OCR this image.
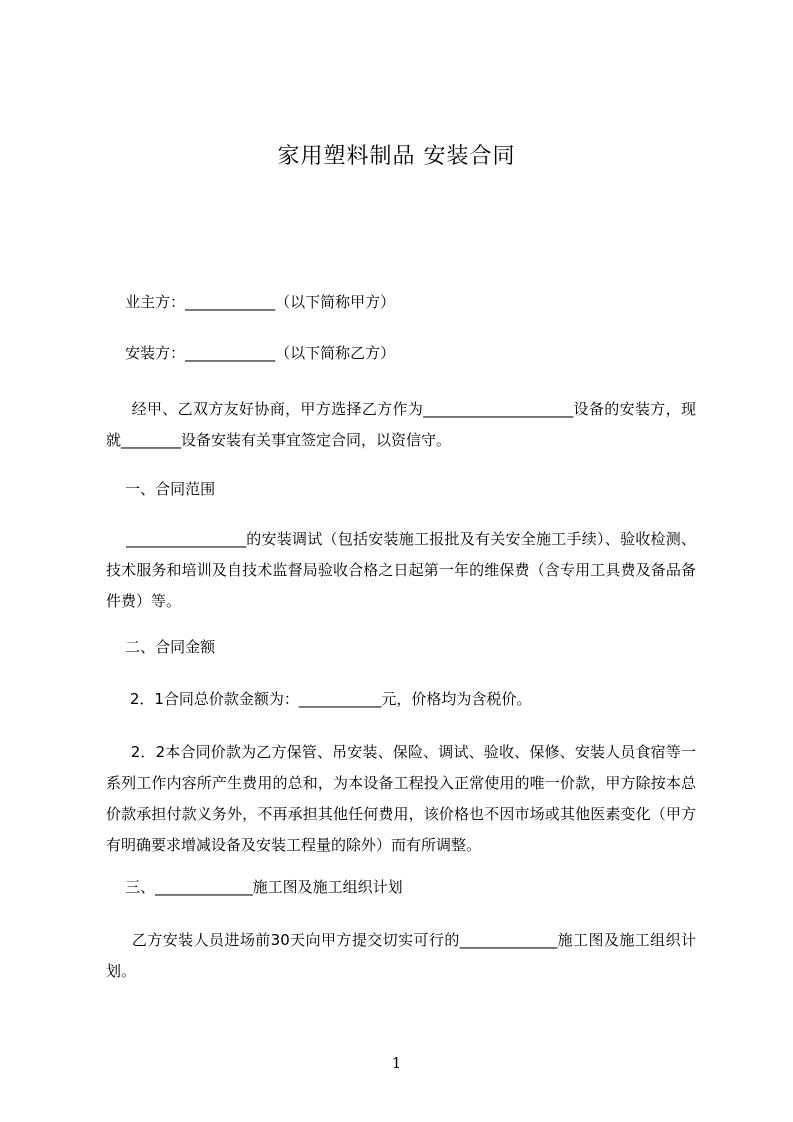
家用塑料制品 安装合同
业主方：____________（以下简称甲方）
安装方：____________（以下简称乙方）
经甲、乙双方友好协商，甲方选择乙方作为____________________设备的安装方，现就________设备安装有关事宜签定合同，以资信守。
一、合同范围
________________的安装调试（包括安装施工报批及有关安全施工手续）、验收检测、技术服务和培训及自技术监督局验收合格之日起第一年的维保费（含专用工具费及备品备件费）等。
二、合同金额
2．1合同总价款金额为：___________元，价格均为含税价。
2．2本合同价款为乙方保管、吊安装、保险、调试、验收、保修、安装人员食宿等一系列工作内容所产生费用的总和，为本设备工程投入正常使用的唯一价款，甲方除按本总价款承担付款义务外，不再承担其他任何费用，该价格也不因市场或其他医素变化（甲方有明确要求增减设备及安装工程量的除外）而有所调整。
三、_____________施工图及施工组织计划
乙方安装人员进场前30天向甲方提交切实可行的_____________施工图及施工组织计划。
1
